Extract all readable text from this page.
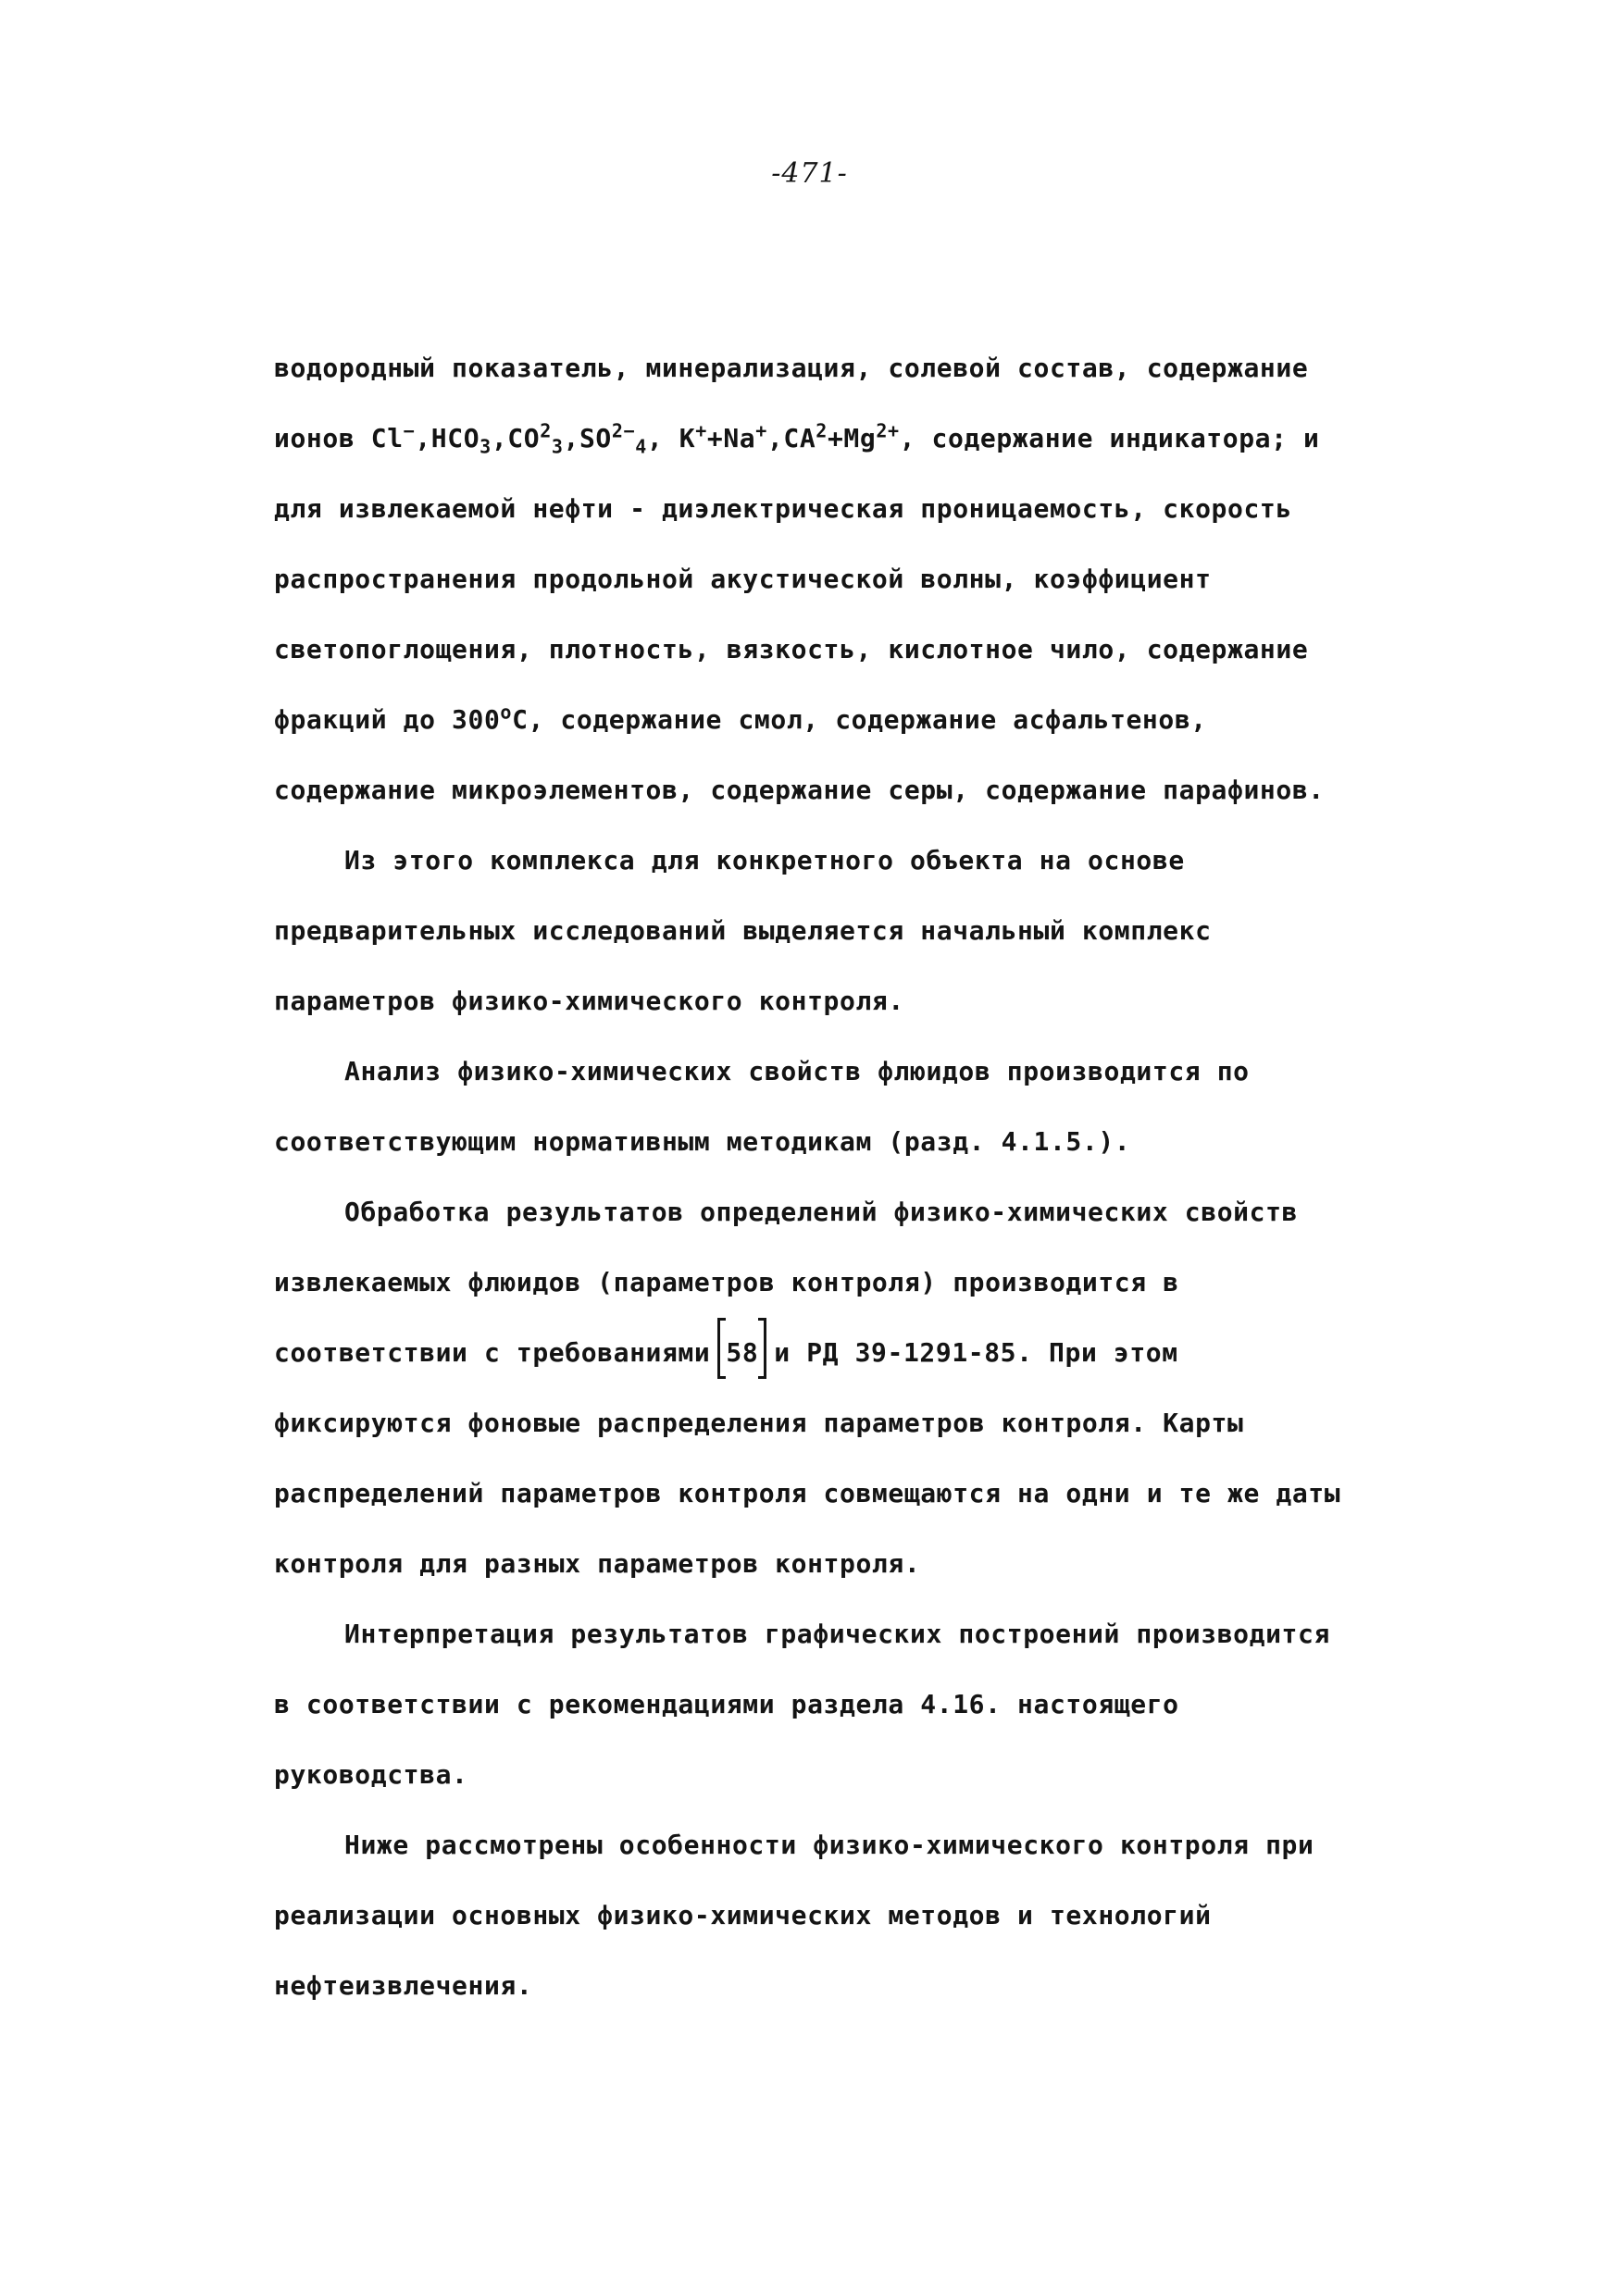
-471-
водородный показатель, минерализация, солевой состав, содержание
ионов $Cl^-,HCO_3,CO^2_3,SO^{2-}_4$, $K^++Na^+,CA^2+Mg^{2+}$, содержание индикатора; и
для извлекаемой нефти - диэлектрическая проницаемость, скорость
распространения продольной акустической волны, коэффициент
светопоглощения, плотность, вязкость, кислотное чило, содержание
фракций до 300$^o$C, содержание смол, содержание асфальтенов,
содержание микроэлементов, содержание серы, содержание парафинов.
Из этого комплекса для конкретного объекта на основе
предварительных исследований выделяется начальный комплекс
параметров физико-химического контроля.
Анализ физико-химических свойств флюидов производится по
соответствующим нормативным методикам (разд. 4.1.5.).
Обработка результатов определений физико-химических свойств
извлекаемых флюидов (параметров контроля) производится в
соответствии с требованиями 58 и РД 39-1291-85. При этом
фиксируются фоновые распределения параметров контроля. Карты
распределений параметров контроля совмещаются на одни и те же даты
контроля для разных параметров контроля.
Интерпретация результатов графических построений производится
в соответствии с рекомендациями раздела 4.16. настоящего
руководства.
Ниже рассмотрены особенности физико-химического контроля при
реализации основных физико-химических методов и технологий
нефтеизвлечения.
